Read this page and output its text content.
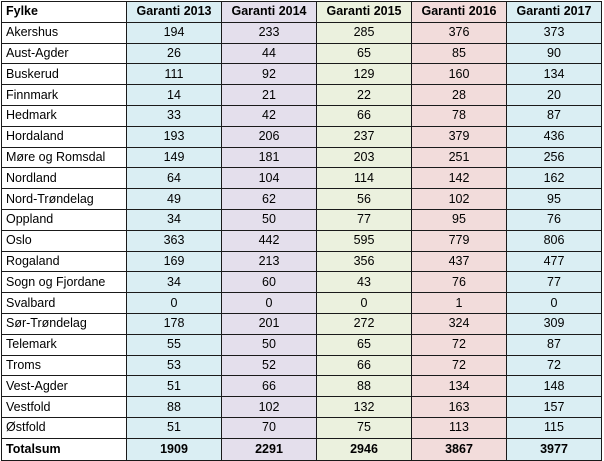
Fylke	Garanti 2013	Garanti 2014	Garanti 2015	Garanti 2016	Garanti 2017
Akershus	194	233	285	376	373
Aust-Agder	26	44	65	85	90
Buskerud	111	92	129	160	134
Finnmark	14	21	22	28	20
Hedmark	33	42	66	78	87
Hordaland	193	206	237	379	436
Møre og Romsdal	149	181	203	251	256
Nordland	64	104	114	142	162
Nord-Trøndelag	49	62	56	102	95
Oppland	34	50	77	95	76
Oslo	363	442	595	779	806
Rogaland	169	213	356	437	477
Sogn og Fjordane	34	60	43	76	77
Svalbard	0	0	0	1	0
Sør-Trøndelag	178	201	272	324	309
Telemark	55	50	65	72	87
Troms	53	52	66	72	72
Vest-Agder	51	66	88	134	148
Vestfold	88	102	132	163	157
Østfold	51	70	75	113	115
Totalsum	1909	2291	2946	3867	3977
